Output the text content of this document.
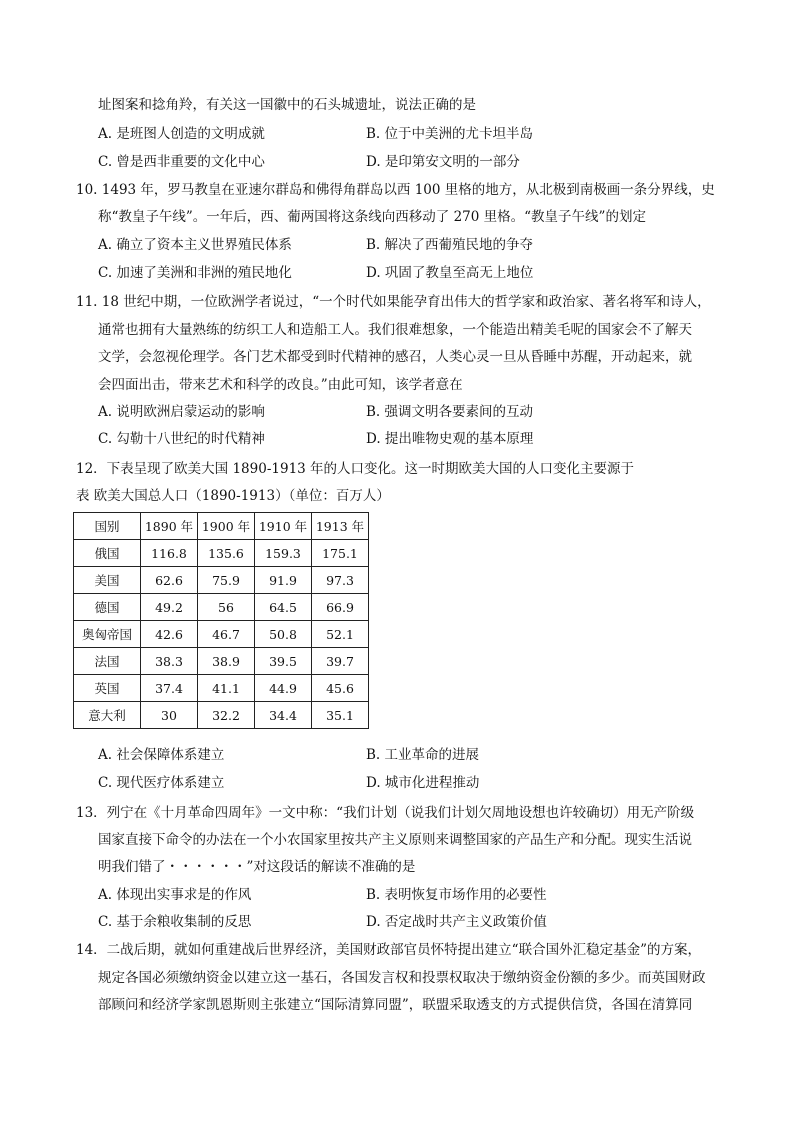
址图案和捻角羚，有关这一国徽中的石头城遗址，说法正确的是
A. 是班图人创造的文明成就	B. 位于中美洲的尤卡坦半岛
C. 曾是西非重要的文化中心	D. 是印第安文明的一部分
10. 1493 年，罗马教皇在亚速尔群岛和佛得角群岛以西 100 里格的地方，从北极到南极画一条分界线，史
称“教皇子午线”。一年后，西、葡两国将这条线向西移动了 270 里格。“教皇子午线”的划定
A. 确立了资本主义世界殖民体系	B. 解决了西葡殖民地的争夺
C. 加速了美洲和非洲的殖民地化	D. 巩固了教皇至高无上地位
11. 18 世纪中期，一位欧洲学者说过，“一个时代如果能孕育出伟大的哲学家和政治家、著名将军和诗人，
通常也拥有大量熟练的纺织工人和造船工人。我们很难想象，一个能造出精美毛呢的国家会不了解天
文学，会忽视伦理学。各门艺术都受到时代精神的感召，人类心灵一旦从昏睡中苏醒，开动起来，就
会四面出击，带来艺术和科学的改良。”由此可知，该学者意在
A. 说明欧洲启蒙运动的影响	B. 强调文明各要素间的互动
C. 勾勒十八世纪的时代精神	D. 提出唯物史观的基本原理
12．下表呈现了欧美大国 1890-1913 年的人口变化。这一时期欧美大国的人口变化主要源于
表 欧美大国总人口（1890-1913）（单位：百万人）
国别	1890 年	1900 年	1910 年	1913 年
俄国	116.8	135.6	159.3	175.1
美国	62.6	75.9	91.9	97.3
德国	49.2	56	64.5	66.9
奥匈帝国	42.6	46.7	50.8	52.1
法国	38.3	38.9	39.5	39.7
英国	37.4	41.1	44.9	45.6
意大利	30	32.2	34.4	35.1
A. 社会保障体系建立	B. 工业革命的进展
C. 现代医疗体系建立	D. 城市化进程推动
13．列宁在《十月革命四周年》一文中称：“我们计划（说我们计划欠周地设想也许较确切）用无产阶级
国家直接下命令的办法在一个小农国家里按共产主义原则来调整国家的产品生产和分配。现实生活说
明我们错了・・・・・・”对这段话的解读不准确的是
A. 体现出实事求是的作风	B. 表明恢复市场作用的必要性
C. 基于余粮收集制的反思	D. 否定战时共产主义政策价值
14．二战后期，就如何重建战后世界经济，美国财政部官员怀特提出建立“联合国外汇稳定基金”的方案，
规定各国必须缴纳资金以建立这一基石，各国发言权和投票权取决于缴纳资金份额的多少。而英国财政
部顾问和经济学家凯恩斯则主张建立“国际清算同盟”，联盟采取透支的方式提供信贷，各国在清算同
